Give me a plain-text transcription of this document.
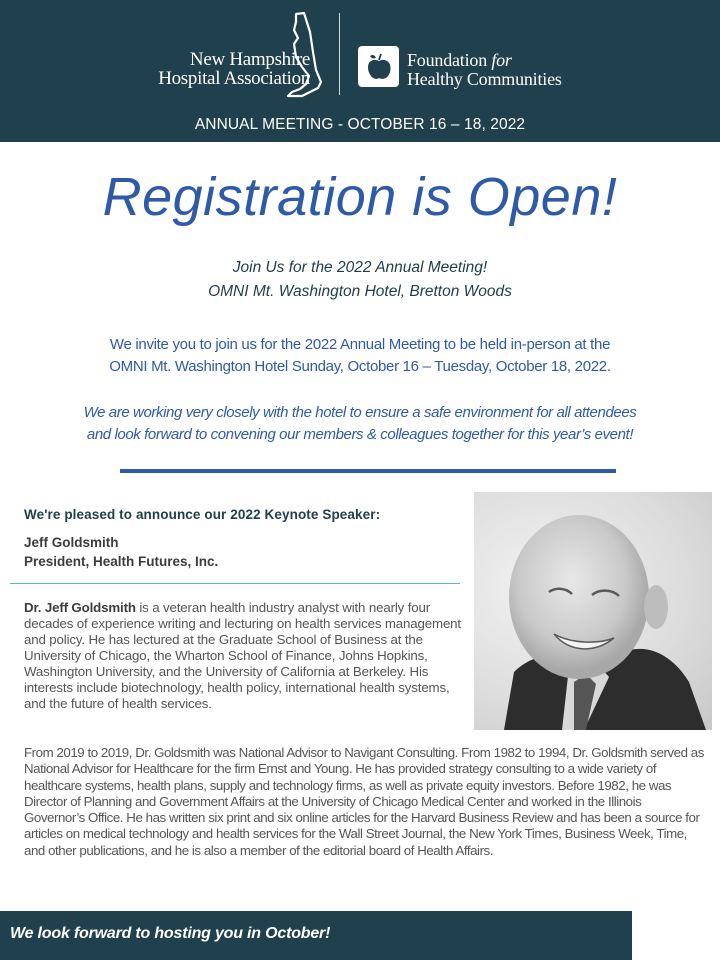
New Hampshire
Hospital Association
Foundation for
Healthy Communities
ANNUAL MEETING - OCTOBER 16 – 18, 2022
Registration is Open!
Join Us for the 2022 Annual Meeting!
OMNI Mt. Washington Hotel, Bretton Woods
We invite you to join us for the 2022 Annual Meeting to be held in-person at the
OMNI Mt. Washington Hotel Sunday, October 16 – Tuesday, October 18, 2022.
We are working very closely with the hotel to ensure a safe environment for all attendees
and look forward to convening our members & colleagues together for this year’s event!
We're pleased to announce our 2022 Keynote Speaker:
Jeff Goldsmith
President, Health Futures, Inc.
Dr. Jeff Goldsmith is a veteran health industry analyst with nearly four decades of experience writing and lecturing on health services management and policy. He has lectured at the Graduate School of Business at the University of Chicago, the Wharton School of Finance, Johns Hopkins, Washington University, and the University of California at Berkeley. His interests include biotechnology, health policy, international health systems, and the future of health services.
From 2019 to 2019, Dr. Goldsmith was National Advisor to Navigant Consulting. From 1982 to 1994, Dr. Goldsmith served as National Advisor for Healthcare for the firm Ernst and Young. He has provided strategy consulting to a wide variety of healthcare systems, health plans, supply and technology firms, as well as private equity investors. Before 1982, he was Director of Planning and Government Affairs at the University of Chicago Medical Center and worked in the Illinois Governor’s Office. He has written six print and six online articles for the Harvard Business Review and has been a source for articles on medical technology and health services for the Wall Street Journal, the New York Times, Business Week, Time, and other publications, and he is also a member of the editorial board of Health Affairs.
We look forward to hosting you in October!
